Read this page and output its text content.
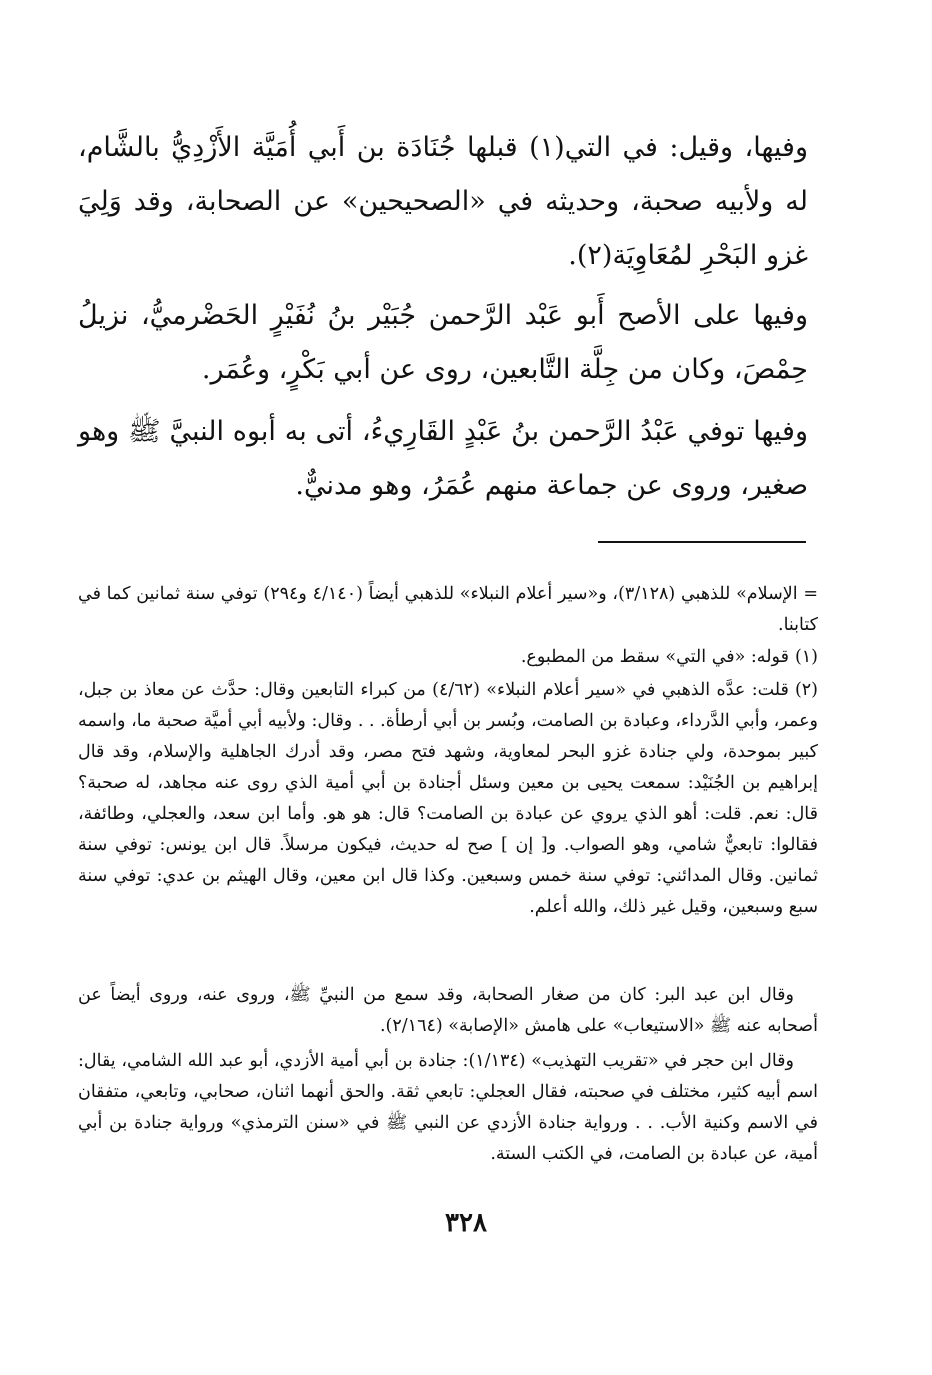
وفيها، وقيل: في التي(١) قبلها جُنَادَة بن أَبي أُمَيَّة الأَزْدِيُّ بالشَّام، له ولأبيه صحبة، وحديثه في «الصحيحين» عن الصحابة، وقد وَلِيَ غزو البَحْرِ لمُعَاوِيَة(٢).

وفيها على الأصح أَبو عَبْد الرَّحمن جُبَيْر بنُ نُفَيْرٍ الحَضْرميُّ، نزيلُ حِمْصَ، وكان من جِلَّة التَّابعين، روى عن أبي بَكْرٍ، وعُمَر.

وفيها توفي عَبْدُ الرَّحمن بنُ عَبْدٍ القَارِيءُ، أتى به أبوه النبيَّ ﷺ وهو صغير، وروى عن جماعة منهم عُمَرُ، وهو مدنيٌّ.

= الإسلام» للذهبي (٣/١٢٨)، و«سير أعلام النبلاء» للذهبي أيضاً (٤/١٤٠ و٢٩٤) توفي سنة ثمانين كما في كتابنا.

(١)قوله: «في التي» سقط من المطبوع.

(٢)قلت: عدَّه الذهبي في «سير أعلام النبلاء» (٤/٦٢) من كبراء التابعين وقال: حدَّث عن معاذ بن جبل، وعمر، وأبي الدَّرداء، وعبادة بن الصامت، وبُسر بن أبي أرطأة. . . وقال: ولأبيه أبي أميَّة صحبة ما، واسمه كبير بموحدة، ولي جنادة غزو البحر لمعاوية، وشهد فتح مصر، وقد أدرك الجاهلية والإسلام، وقد قال إبراهيم بن الجُنَيْد: سمعت يحيى بن معين وسئل أجنادة بن أبي أمية الذي روى عنه مجاهد، له صحبة؟ قال: نعم. قلت: أهو الذي يروي عن عبادة بن الصامت؟ قال: هو هو. وأما ابن سعد، والعجلي، وطائفة، فقالوا: تابعيٌّ شامي، وهو الصواب. و[ إن ] صح له حديث، فيكون مرسلاً. قال ابن يونس: توفي سنة ثمانين. وقال المدائني: توفي سنة خمس وسبعين. وكذا قال ابن معين، وقال الهيثم بن عدي: توفي سنة سبع وسبعين، وقيل غير ذلك، والله أعلم.

وقال ابن عبد البر: كان من صغار الصحابة، وقد سمع من النبيِّ ﷺ، وروى عنه، وروى أيضاً عن أصحابه عنه ﷺ «الاستيعاب» على هامش «الإصابة» (٢/١٦٤).

وقال ابن حجر في «تقريب التهذيب» (١/١٣٤): جنادة بن أبي أمية الأزدي، أبو عبد الله الشامي، يقال: اسم أبيه كثير، مختلف في صحبته، فقال العجلي: تابعي ثقة. والحق أنهما اثنان، صحابي، وتابعي، متفقان في الاسم وكنية الأب. . . ورواية جنادة الأزدي عن النبي ﷺ في «سنن الترمذي» ورواية جنادة بن أبي أمية، عن عبادة بن الصامت، في الكتب الستة.

٣٢٨
